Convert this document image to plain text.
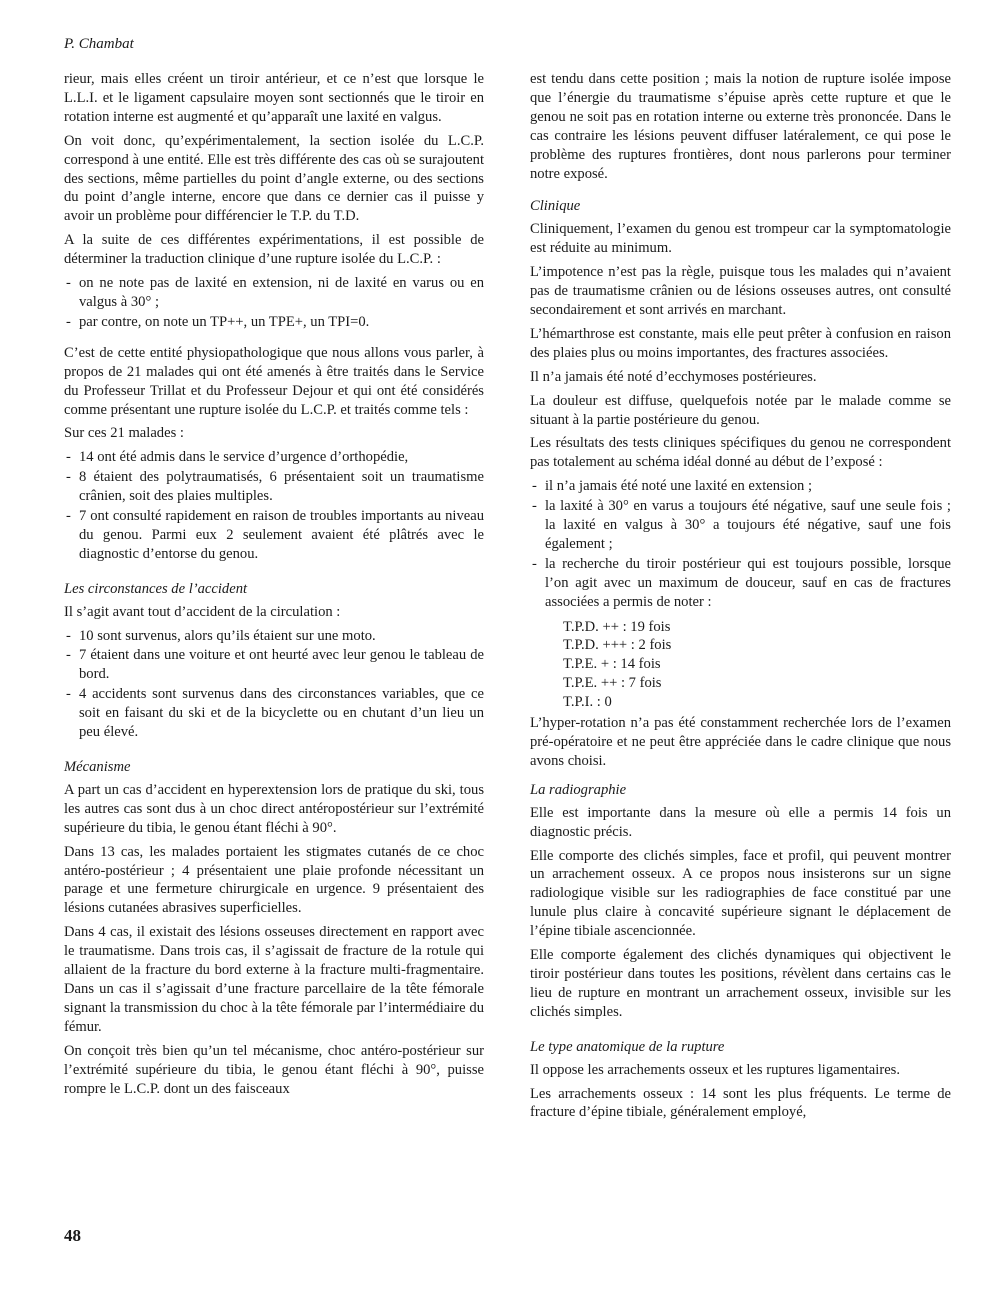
P. Chambat

rieur, mais elles créent un tiroir antérieur, et ce n’est que lorsque le L.L.I. et le ligament capsulaire moyen sont sectionnés que le tiroir en rotation interne est augmenté et qu’apparaît une laxité en valgus.

On voit donc, qu’expérimentalement, la section isolée du L.C.P. correspond à une entité. Elle est très différente des cas où se surajoutent des sections, même partielles du point d’angle externe, ou des sections du point d’angle interne, encore que dans ce dernier cas il puisse y avoir un problème pour différencier le T.P. du T.D.

A la suite de ces différentes expérimentations, il est possible de déterminer la traduction clinique d’une rupture isolée du L.C.P. :

- on ne note pas de laxité en extension, ni de laxité en varus ou en valgus à 30° ;
- par contre, on note un TP++, un TPE+, un TPI=0.

C’est de cette entité physiopathologique que nous allons vous parler, à propos de 21 malades qui ont été amenés à être traités dans le Service du Professeur Trillat et du Professeur Dejour et qui ont été considérés comme présentant une rupture isolée du L.C.P. et traités comme tels :

Sur ces 21 malades :

- 14 ont été admis dans le service d’urgence d’orthopédie,
- 8 étaient des polytraumatisés, 6 présentaient soit un traumatisme crânien, soit des plaies multiples.
- 7 ont consulté rapidement en raison de troubles importants au niveau du genou. Parmi eux 2 seulement avaient été plâtrés avec le diagnostic d’entorse du genou.
Les circonstances de l’accident

Il s’agit avant tout d’accident de la circulation :

- 10 sont survenus, alors qu’ils étaient sur une moto.
- 7 étaient dans une voiture et ont heurté avec leur genou le tableau de bord.
- 4 accidents sont survenus dans des circonstances variables, que ce soit en faisant du ski et de la bicyclette ou en chutant d’un lieu un peu élevé.
Mécanisme

A part un cas d’accident en hyperextension lors de pratique du ski, tous les autres cas sont dus à un choc direct antéropostérieur sur l’extrémité supérieure du tibia, le genou étant fléchi à 90°.

Dans 13 cas, les malades portaient les stigmates cutanés de ce choc antéro-postérieur ; 4 présentaient une plaie profonde nécessitant un parage et une fermeture chirurgicale en urgence. 9 présentaient des lésions cutanées abrasives superficielles.

Dans 4 cas, il existait des lésions osseuses directement en rapport avec le traumatisme. Dans trois cas, il s’agissait de fracture de la rotule qui allaient de la fracture du bord externe à la fracture multi-fragmentaire. Dans un cas il s’agissait d’une fracture parcellaire de la tête fémorale signant la transmission du choc à la tête fémorale par l’intermédiaire du fémur.

On conçoit très bien qu’un tel mécanisme, choc antéro-postérieur sur l’extrémité supérieure du tibia, le genou étant fléchi à 90°, puisse rompre le L.C.P. dont un des faisceaux

est tendu dans cette position ; mais la notion de rupture isolée impose que l’énergie du traumatisme s’épuise après cette rupture et que le genou ne soit pas en rotation interne ou externe très prononcée. Dans le cas contraire les lésions peuvent diffuser latéralement, ce qui pose le problème des ruptures frontières, dont nous parlerons pour terminer notre exposé.

Clinique

Cliniquement, l’examen du genou est trompeur car la symptomatologie est réduite au minimum.

L’impotence n’est pas la règle, puisque tous les malades qui n’avaient pas de traumatisme crânien ou de lésions osseuses autres, ont consulté secondairement et sont arrivés en marchant.

L’hémarthrose est constante, mais elle peut prêter à confusion en raison des plaies plus ou moins importantes, des fractures associées.

Il n’a jamais été noté d’ecchymoses postérieures.

La douleur est diffuse, quelquefois notée par le malade comme se situant à la partie postérieure du genou.

Les résultats des tests cliniques spécifiques du genou ne correspondent pas totalement au schéma idéal donné au début de l’exposé :

- il n’a jamais été noté une laxité en extension ;
- la laxité à 30° en varus a toujours été négative, sauf une seule fois ; la laxité en valgus à 30° a toujours été négative, sauf une fois également ;
- la recherche du tiroir postérieur qui est toujours possible, lorsque l’on agit avec un maximum de douceur, sauf en cas de fractures associées a permis de noter :
T.P.D. ++ : 19 fois
T.P.D. +++ : 2 fois
T.P.E. + : 14 fois
T.P.E. ++ : 7 fois
T.P.I. : 0

L’hyper-rotation n’a pas été constamment recherchée lors de l’examen pré-opératoire et ne peut être appréciée dans le cadre clinique que nous avons choisi.

La radiographie

Elle est importante dans la mesure où elle a permis 14 fois un diagnostic précis.

Elle comporte des clichés simples, face et profil, qui peuvent montrer un arrachement osseux. A ce propos nous insisterons sur un signe radiologique visible sur les radiographies de face constitué par une lunule plus claire à concavité supérieure signant le déplacement de l’épine tibiale ascencionnée.

Elle comporte également des clichés dynamiques qui objectivent le tiroir postérieur dans toutes les positions, révèlent dans certains cas le lieu de rupture en montrant un arrachement osseux, invisible sur les clichés simples.

Le type anatomique de la rupture

Il oppose les arrachements osseux et les ruptures ligamentaires.

Les arrachements osseux : 14 sont les plus fréquents. Le terme de fracture d’épine tibiale, généralement employé,

48
